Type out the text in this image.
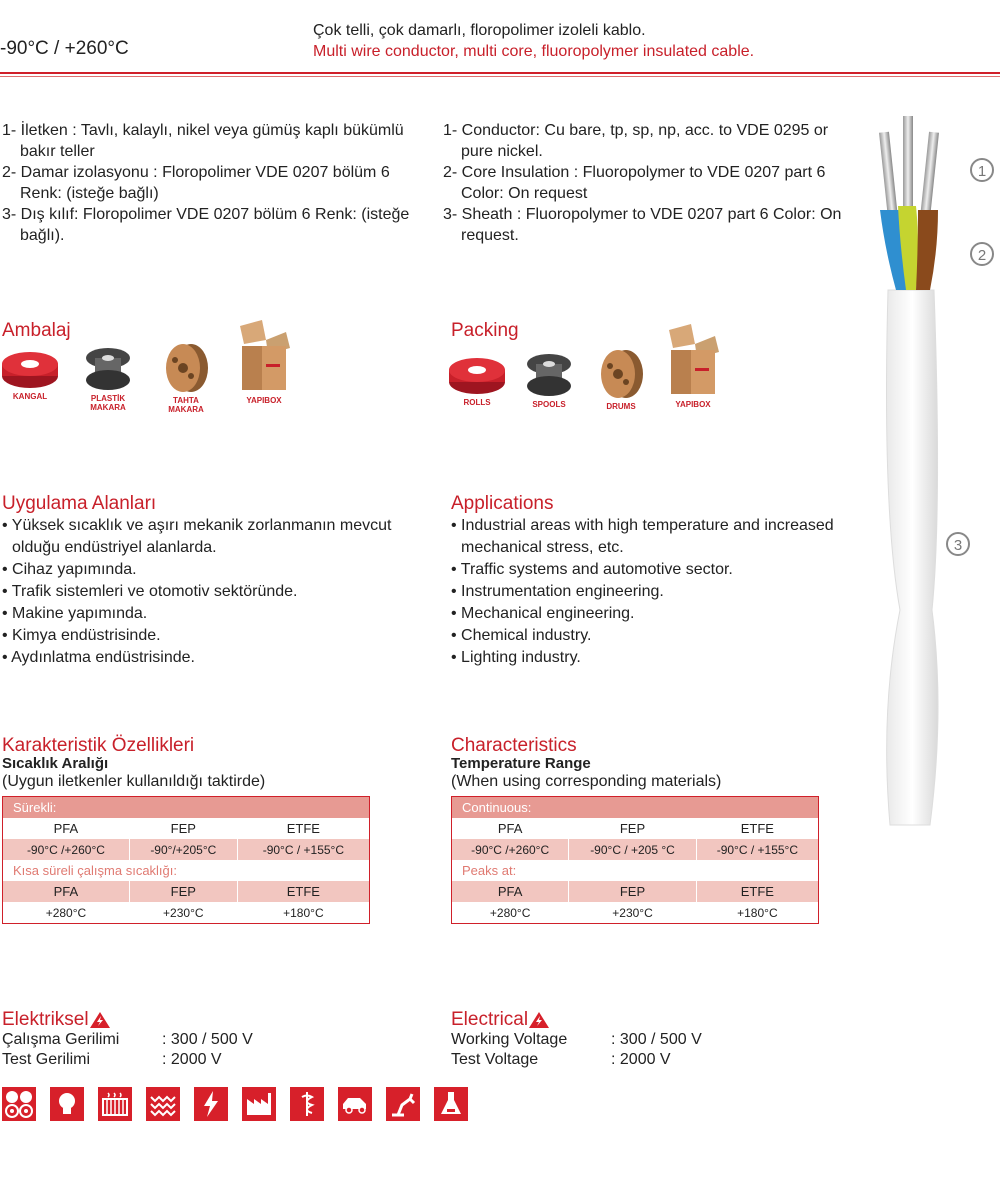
-90°C / +260°C
Çok telli, çok damarlı, floropolimer izoleli kablo.
Multi wire conductor, multi core, fluoropolymer insulated cable.
1- İletken : Tavlı, kalaylı, nikel veya gümüş kaplı bükümlü bakır teller
2- Damar izolasyonu : Floropolimer VDE 0207 bölüm 6 Renk: (isteğe bağlı)
3- Dış kılıf: Floropolimer VDE 0207 bölüm 6 Renk: (isteğe bağlı).
1- Conductor: Cu bare, tp, sp, np, acc. to VDE 0295 or pure nickel.
2- Core Insulation : Fluoropolymer to VDE 0207 part 6 Color: On request
3- Sheath : Fluoropolymer to VDE 0207 part 6 Color: On request.
Ambalaj
KANGAL	PLASTİK MAKARA
TAHTA MAKARA
YAPIBOX
Packing
ROLLS	SPOOLS	DRUMS	YAPIBOX
Uygulama Alanları
• Yüksek sıcaklık ve aşırı mekanik zorlanmanın mevcut olduğu endüstriyel alanlarda.
• Cihaz yapımında.
• Trafik sistemleri ve otomotiv sektöründe.
• Makine yapımında.
• Kimya endüstrisinde.
• Aydınlatma endüstrisinde.
Applications
• Industrial areas with high temperature and increased mechanical stress, etc.
• Traffic systems and automotive sector.
• Instrumentation engineering.
• Mechanical engineering.
• Chemical industry.
• Lighting industry.
Karakteristik Özellikleri
Sıcaklık Aralığı
(Uygun iletkenler kullanıldığı taktirde)
Sürekli:		
PFA	FEP	ETFE
-90°C /+260°C	-90°/+205°C	-90°C / +155°C
Kısa süreli çalışma sıcaklığı:		
PFA	FEP	ETFE
+280°C	+230°C	+180°C
Characteristics
Temperature Range
(When using corresponding materials)
Continuous:		
PFA	FEP	ETFE
-90°C /+260°C	-90°C / +205 °C	-90°C / +155°C
Peaks at:		
PFA	FEP	ETFE
+280°C	+230°C	+180°C
Elektriksel
Çalışma Gerilimi	: 300 / 500 V
Test Gerilimi	: 2000 V
Electrical
Working Voltage	: 300 / 500 V
Test Voltage	: 2000 V
1
2
3
